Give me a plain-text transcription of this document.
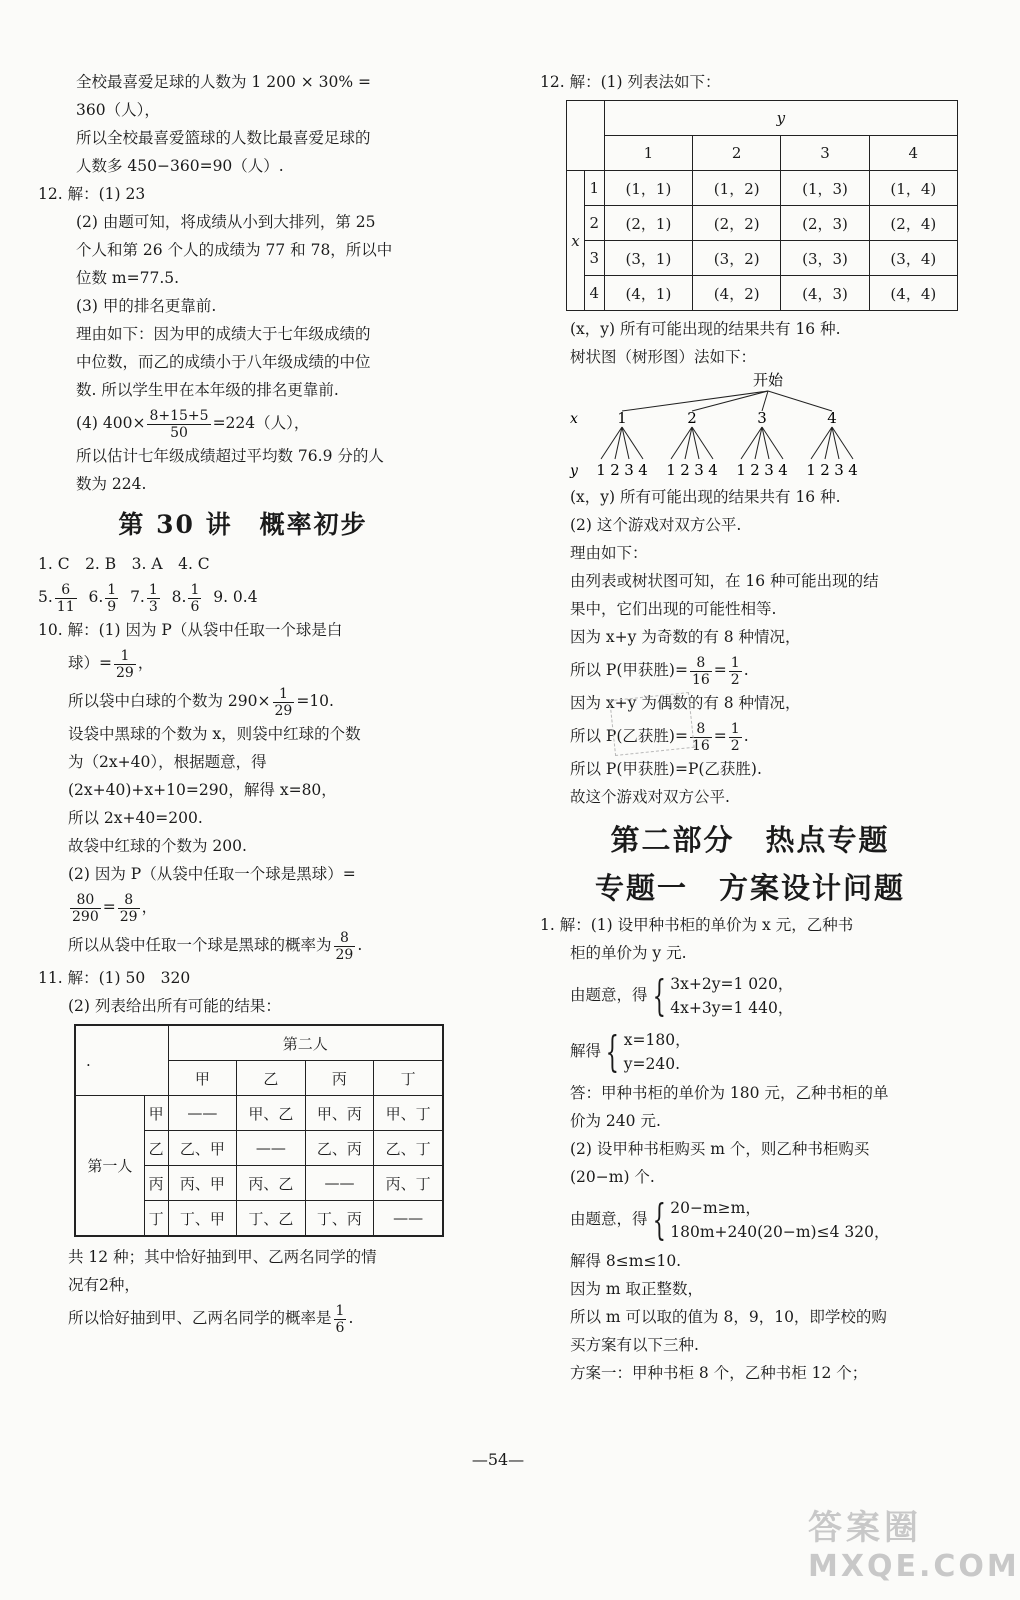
全校最喜爱足球的人数为 1 200 × 30% =

360（人），

所以全校最喜爱篮球的人数比最喜爱足球的

人数多 450−360=90（人）.

12. 解：(1) 23

(2) 由题可知，将成绩从小到大排列，第 25

个人和第 26 个人的成绩为 77 和 78，所以中

位数 m=77.5.

(3) 甲的排名更靠前.

理由如下：因为甲的成绩大于七年级成绩的

中位数，而乙的成绩小于八年级成绩的中位

数. 所以学生甲在本年级的排名更靠前.

(4) $400\times \frac{8+15+5}{50} =224$（人），

所以估计七年级成绩超过平均数 76.9 分的人

数为 224.

第 30 讲　概率初步

1. C　2. B　3. A　4. C

5. $\frac{6}{11} 6$. $\frac{1}{9} 7$. $\frac{1}{3} 8$. $\frac{1}{6} 9$. 0.4

10. 解：(1) 因为 P（从袋中任取一个球是白

球）= $\frac{1}{29}$ ，

所以袋中白球的个数为 $290\times \frac{1}{29} =10$.

设袋中黑球的个数为 x，则袋中红球的个数

为（2x+40），根据题意，得

(2x+40)+x+10=290，解得 x=80，

所以 2x+40=200.

故袋中红球的个数为 200.

(2) 因为 P（从袋中任取一个球是黑球）=

$\frac{80}{290} = \frac{8}{29}$ ，

所以从袋中任取一个球是黑球的概率为 $\frac{8}{29}$ .

11. 解：(1) 50　320

(2) 列表给出所有可能的结果：

.		第二人			
		甲	乙	丙	丁
第一人	甲	——	甲、乙	甲、丙	甲、丁
	乙	乙、甲	——	乙、丙	乙、丁
	丙	丙、甲	丙、乙	——	丙、丁
	丁	丁、甲	丁、乙	丁、丙	——

共 12 种；其中恰好抽到甲、乙两名同学的情

况有2种，

所以恰好抽到甲、乙两名同学的概率是 $\frac{1}{6}$ .

12. 解：(1) 列表法如下：

		y			
		1	2	3	4
x	1	(1，1)	(1，2)	(1，3)	(1，4)
	2	(2，1)	(2，2)	(2，3)	(2，4)
	3	(3，1)	(3，2)	(3，3)	(3，4)
	4	(4，1)	(4，2)	(4，3)	(4，4)

(x，y) 所有可能出现的结果共有 16 种.

树状图（树形图）法如下：

开始
x
y
1
1 2 3 4
2
1 2 3 4
3
1 2 3 4
4
1 2 3 4

(x，y) 所有可能出现的结果共有 16 种.

(2) 这个游戏对双方公平.

理由如下：

由列表或树状图可知，在 16 种可能出现的结

果中，它们出现的可能性相等.

因为 x+y 为奇数的有 8 种情况，

所以 P(甲获胜)= $\frac{8}{16} = \frac{1}{2}$ .

因为 x+y 为偶数的有 8 种情况，

所以 P(乙获胜)= $\frac{8}{16} = \frac{1}{2}$ .

所以 P(甲获胜)=P(乙获胜).

故这个游戏对双方公平.

第二部分　热点专题
专题一　方案设计问题

1. 解：(1) 设甲种书柜的单价为 x 元，乙种书

柜的单价为 y 元.

由题意，得 { 3x+2y=1 020，
4x+3y=1 440，

解得 { x=180，
y=240.

答：甲种书柜的单价为 180 元，乙种书柜的单

价为 240 元.

(2) 设甲种书柜购买 m 个，则乙种书柜购买

(20−m) 个.

由题意，得 { 20−m≥m，
180m+240(20−m)≤4 320，

解得 8≤m≤10.

因为 m 取正整数，

所以 m 可以取的值为 8，9，10，即学校的购

买方案有以下三种.

方案一：甲种书柜 8 个，乙种书柜 12 个；

—54—
答案圈
MXQE.COM
